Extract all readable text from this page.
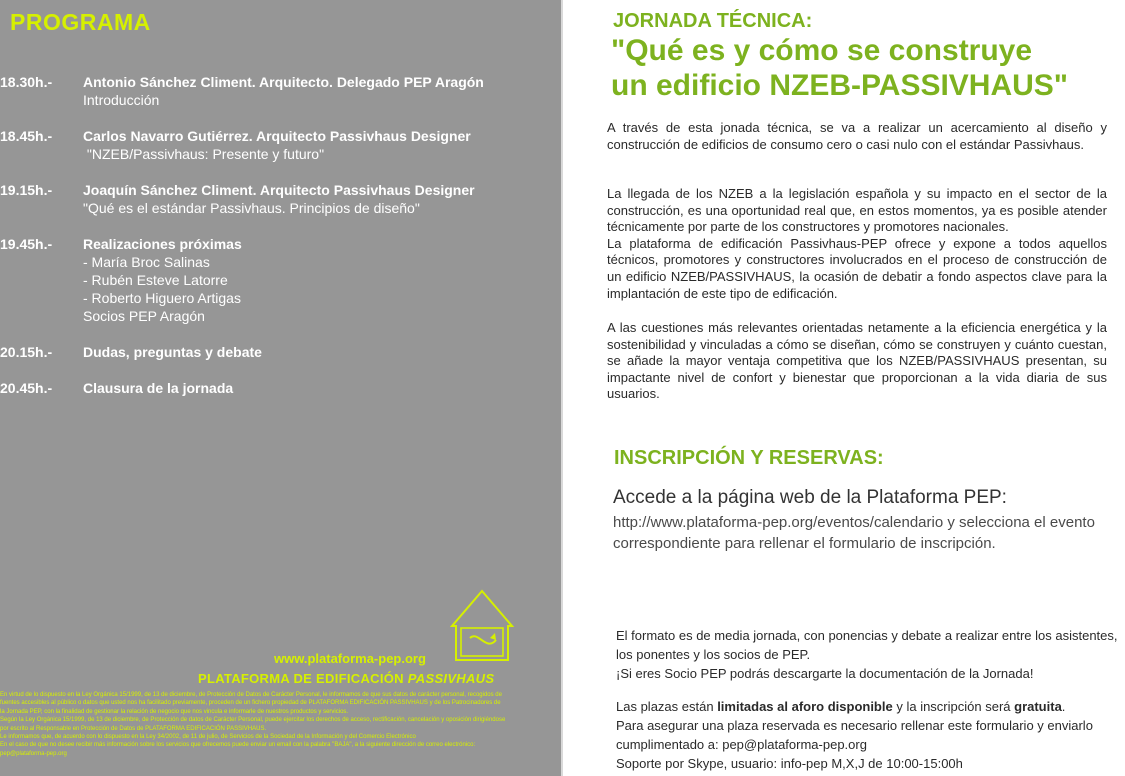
PROGRAMA
18.30h.-	Antonio Sánchez Climent. Arquitecto. Delegado PEP Aragón
Introducción
18.45h.-	Carlos Navarro Gutiérrez. Arquitecto Passivhaus Designer
"NZEB/Passivhaus: Presente y futuro"
19.15h.-	Joaquín Sánchez Climent. Arquitecto Passivhaus Designer
"Qué es el estándar Passivhaus. Principios de diseño"
19.45h.-	Realizaciones próximas
- María Broc Salinas
- Rubén Esteve Latorre
- Roberto Higuero Artigas
Socios PEP Aragón
20.15h.-	Dudas, preguntas y debate
20.45h.-	Clausura de la jornada
www.plataforma-pep.org
PLATAFORMA DE EDIFICACIÓN PASSIVHAUS
En virtud de lo dispuesto en la Ley Orgánica 15/1999, de 13 de diciembre, de Protección de Datos de Carácter Personal, le informamos de que sus datos de carácter personal, recogidos de fuentes accesibles al público o datos que usted nos ha facilitado previamente, proceden de un fichero propiedad de PLATAFORMA EDIFICACIÓN PASSIVHAUS y de los Patrocinadores de la Jornada PEP, con la finalidad de gestionar la relación de negocio que nos vincula e informarle de nuestros productos y servicios.
Según la Ley Orgánica 15/1999, de 13 de diciembre, de Protección de datos de Carácter Personal, puede ejercitar los derechos de acceso, rectificación, cancelación y oposición dirigiéndose por escrito al Responsable en Protección de Datos de PLATAFORMA EDIFICACIÓN PASSIVHAUS.
Le informamos que, de acuerdo con lo dispuesto en la Ley 34/2002, de 11 de julio, de Servicios de la Sociedad de la Información y del Comercio Electrónico
En el caso de que no desee recibir más información sobre los servicios que ofrecemos puede enviar un email con la palabra "BAJA", a la siguiente dirección de correo electrónico: pep@plataforma-pep.org
JORNADA TÉCNICA:
"Qué es y cómo se construye
un edificio NZEB-PASSIVHAUS"
A través de esta jonada técnica, se va a realizar un acercamiento al diseño y construcción de edificios de consumo cero o casi nulo con el estándar Passivhaus.
La llegada de los NZEB a la legislación española y su impacto en el sector de la construcción, es una oportunidad real que, en estos momentos, ya es posible atender técnicamente por parte de los constructores y promotores nacionales.
La plataforma de edificación Passivhaus-PEP ofrece y expone a todos aquellos técnicos, promotores y constructores involucrados en el proceso de construcción de un edificio NZEB/PASSIVHAUS, la ocasión de debatir a fondo aspectos clave para la implantación de este tipo de edificación.
A las cuestiones más relevantes orientadas netamente a la eficiencia energética y la sostenibilidad y vinculadas a cómo se diseñan, cómo se construyen y cuánto cuestan, se añade la mayor ventaja competitiva que los NZEB/PASSIVHAUS presentan, su impactante nivel de confort y bienestar que proporcionan a la vida diaria de sus usuarios.
INSCRIPCIÓN Y RESERVAS:
Accede a la página web de la Plataforma PEP:
http://www.plataforma-pep.org/eventos/calendario y selecciona el evento correspondiente para rellenar el formulario de inscripción.
El formato es de media jornada, con ponencias y debate a realizar entre los asistentes, los ponentes y los socios de PEP.
¡Si eres Socio PEP podrás descargarte la documentación de la Jornada!
Las plazas están limitadas al aforo disponible y la inscripción será gratuita.
Para asegurar una plaza reservada es necesario rellenar este formulario y enviarlo cumplimentado a: pep@plataforma-pep.org
Soporte por Skype, usuario: info-pep M,X,J de 10:00-15:00h
